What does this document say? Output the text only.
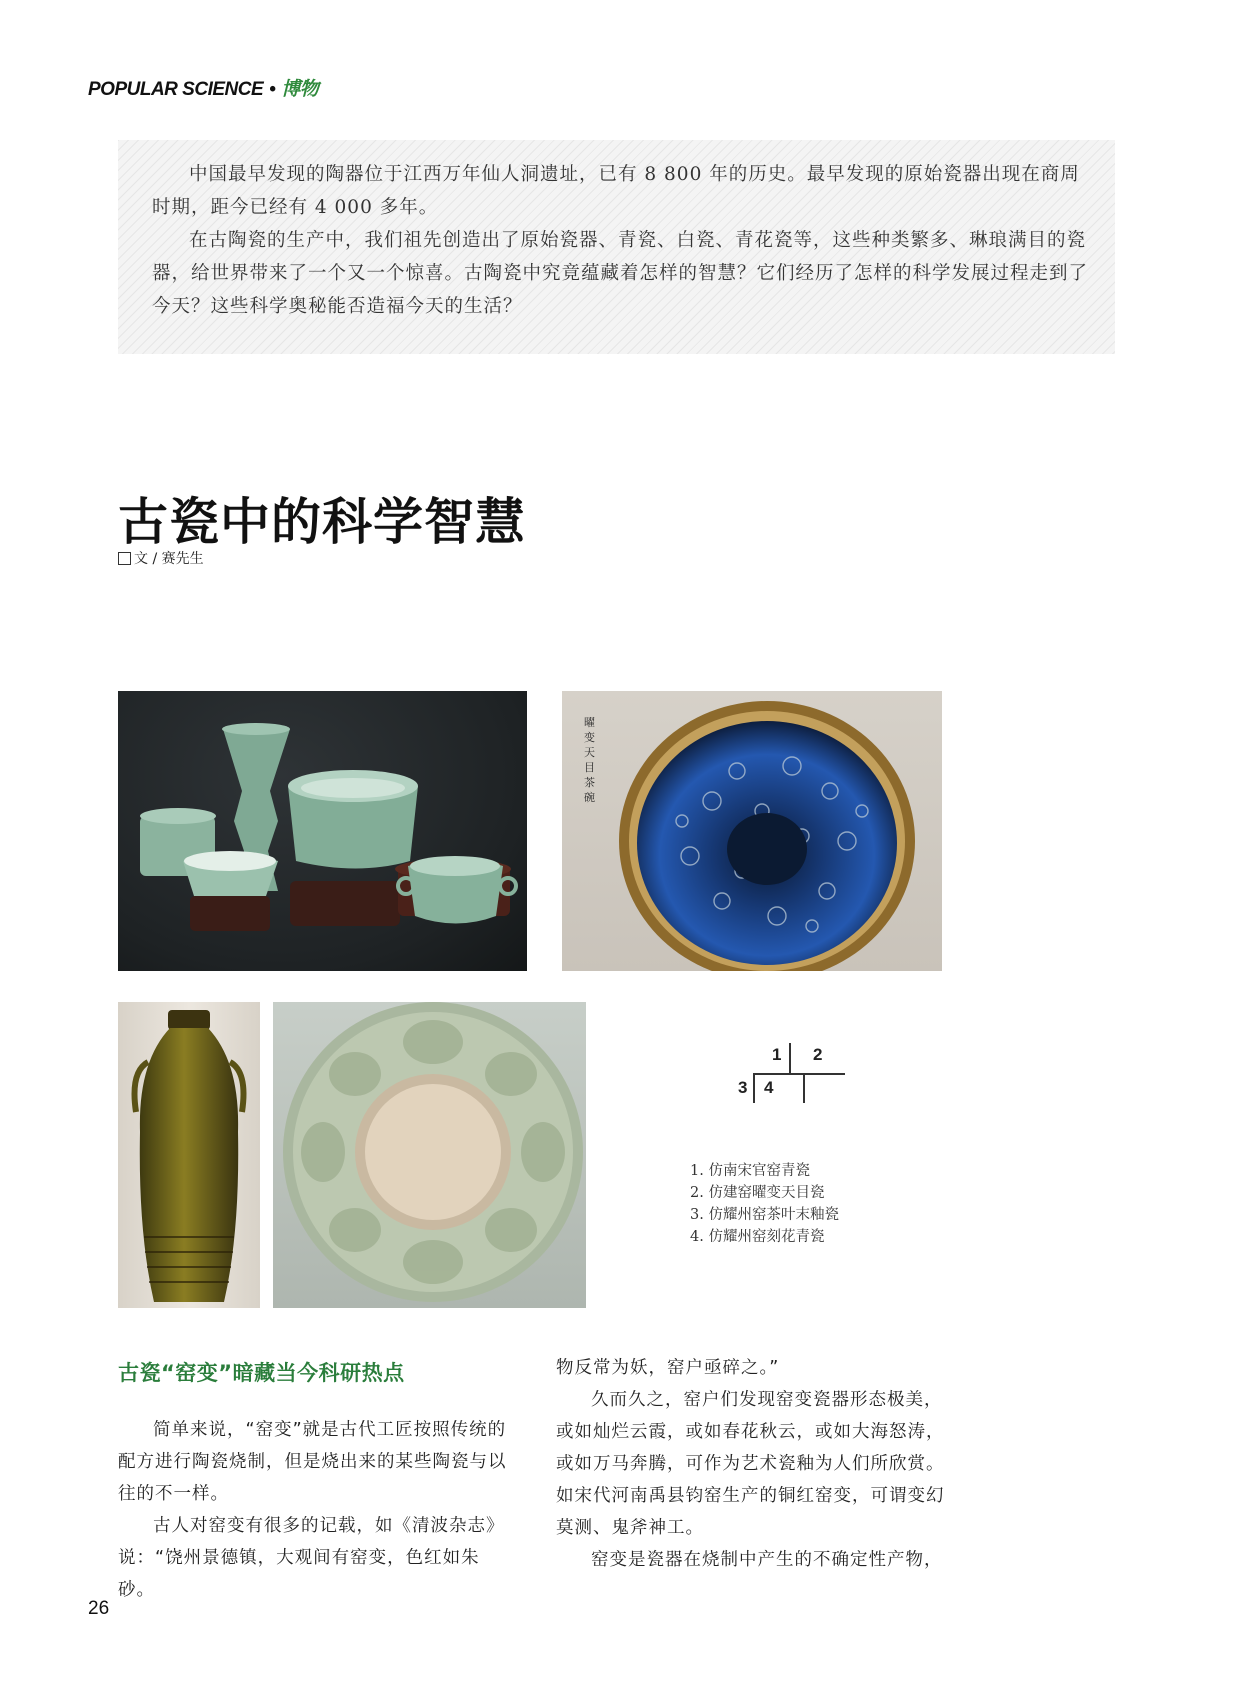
POPULAR SCIENCE • 博物

中国最早发现的陶器位于江西万年仙人洞遗址，已有 8 800 年的历史。最早发现的原始瓷器出现在商周时期，距今已经有 4 000 多年。

在古陶瓷的生产中，我们祖先创造出了原始瓷器、青瓷、白瓷、青花瓷等，这些种类繁多、琳琅满目的瓷器，给世界带来了一个又一个惊喜。古陶瓷中究竟蕴藏着怎样的智慧？它们经历了怎样的科学发展过程走到了今天？这些科学奥秘能否造福今天的生活？

古瓷中的科学智慧
文 / 赛先生
曜变天目茶碗
1 2
3 4
1. 仿南宋官窑青瓷
2. 仿建窑曜变天目瓷
3. 仿耀州窑茶叶末釉瓷
4. 仿耀州窑刻花青瓷
古瓷“窑变”暗藏当今科研热点

简单来说，“窑变”就是古代工匠按照传统的配方进行陶瓷烧制，但是烧出来的某些陶瓷与以往的不一样。

古人对窑变有很多的记载，如《清波杂志》说：“饶州景德镇，大观间有窑变，色红如朱砂。

物反常为妖，窑户亟碎之。”

久而久之，窑户们发现窑变瓷器形态极美，或如灿烂云霞，或如春花秋云，或如大海怒涛，或如万马奔腾，可作为艺术瓷釉为人们所欣赏。如宋代河南禹县钧窑生产的铜红窑变，可谓变幻莫测、鬼斧神工。

窑变是瓷器在烧制中产生的不确定性产物，

26
